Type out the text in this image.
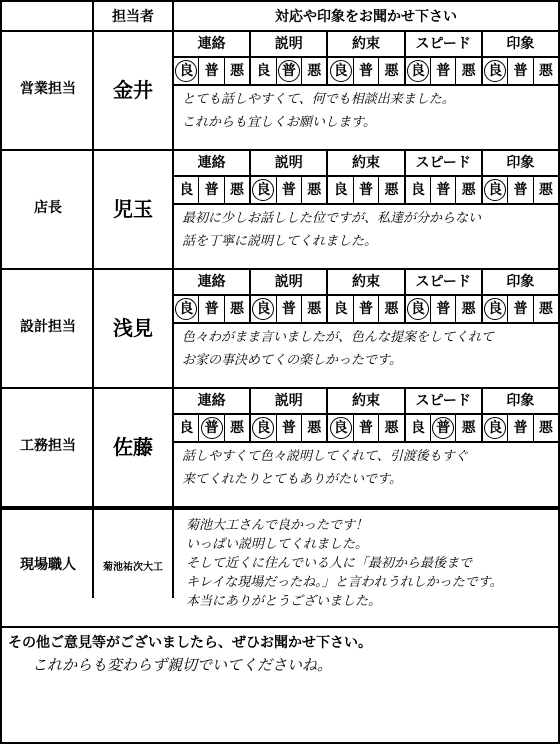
担当者	対応や印象をお聞かせ下さい
営業担当	金井
連絡	説明	約束	スピード	印象
良 普 悪 良 普 悪 良 普 悪 良 普 悪 良 普 悪
とても話しやすくて、何でも相談出来ました。
これからも宜しくお願いします。
店長	児玉
連絡	説明	約束	スピード	印象
良 普 悪 良 普 悪 良 普 悪 良 普 悪 良 普 悪
最初に少しお話しした位ですが、私達が分からない
話を丁寧に説明してくれました。
設計担当	浅見
連絡	説明	約束	スピード	印象
良 普 悪 良 普 悪 良 普 悪 良 普 悪 良 普 悪
色々わがまま言いましたが、色んな提案をしてくれて
お家の事決めてくの楽しかったです。
工務担当	佐藤
連絡	説明	約束	スピード	印象
良 普 悪 良 普 悪 良 普 悪 良 普 悪 良 普 悪
話しやすくて色々説明してくれて、引渡後もすぐ
来てくれたりとてもありがたいです。
現場職人	菊池祐次大工
菊池大工さんで良かったです！
いっぱい説明してくれました。
そして近くに住んでいる人に「最初から最後まで
キレイな現場だったね。」と言われうれしかったです。
本当にありがとうございました。
その他ご意見等がございましたら、ぜひお聞かせ下さい。
これからも変わらず親切でいてくださいね。
